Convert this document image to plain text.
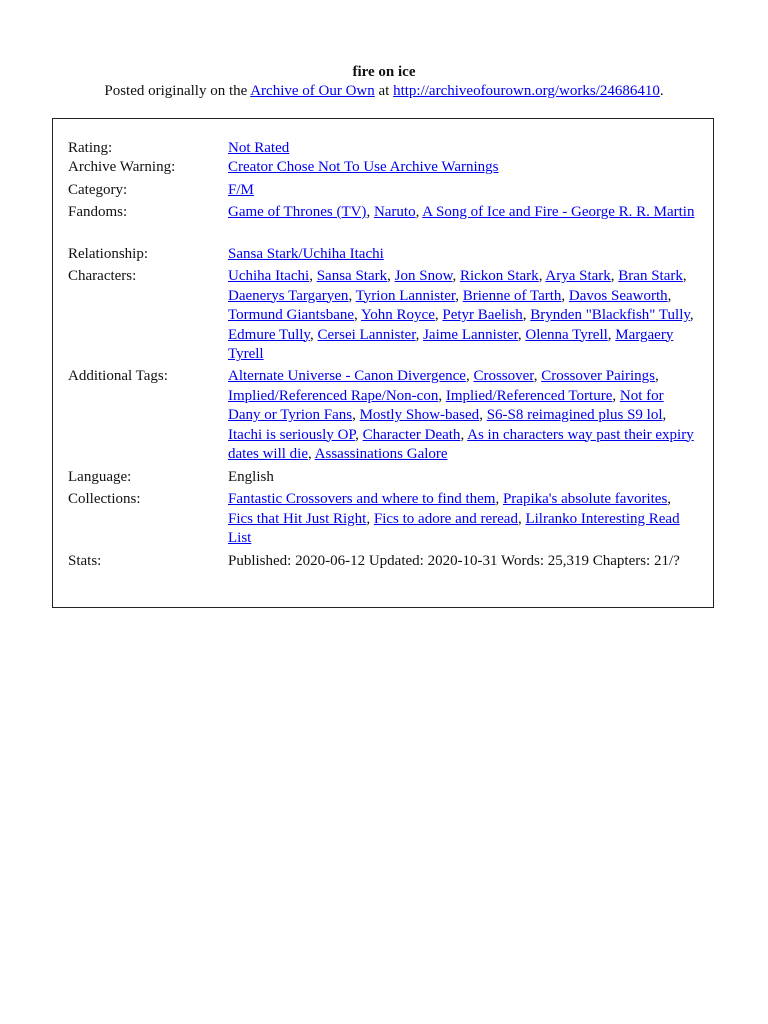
fire on ice
Posted originally on the Archive of Our Own at http://archiveofourown.org/works/24686410.
Rating:	Not Rated
Archive Warning:	Creator Chose Not To Use Archive Warnings
Category:	F/M
Fandoms:	Game of Thrones (TV), Naruto, A Song of Ice and Fire - George R. R. Martin
Relationship:	Sansa Stark/Uchiha Itachi
Characters:	Uchiha Itachi, Sansa Stark, Jon Snow, Rickon Stark, Arya Stark, Bran Stark, Daenerys Targaryen, Tyrion Lannister, Brienne of Tarth, Davos Seaworth, Tormund Giantsbane, Yohn Royce, Petyr Baelish, Brynden "Blackfish" Tully, Edmure Tully, Cersei Lannister, Jaime Lannister, Olenna Tyrell, Margaery Tyrell
Additional Tags:	Alternate Universe - Canon Divergence, Crossover, Crossover Pairings, Implied/Referenced Rape/Non-con, Implied/Referenced Torture, Not for Dany or Tyrion Fans, Mostly Show-based, S6-S8 reimagined plus S9 lol, Itachi is seriously OP, Character Death, As in characters way past their expiry dates will die, Assassinations Galore
Language:	English
Collections:	Fantastic Crossovers and where to find them, Prapika's absolute favorites, Fics that Hit Just Right, Fics to adore and reread, Lilranko Interesting Read List
Stats:	Published: 2020-06-12 Updated: 2020-10-31 Words: 25,319 Chapters: 21/?
